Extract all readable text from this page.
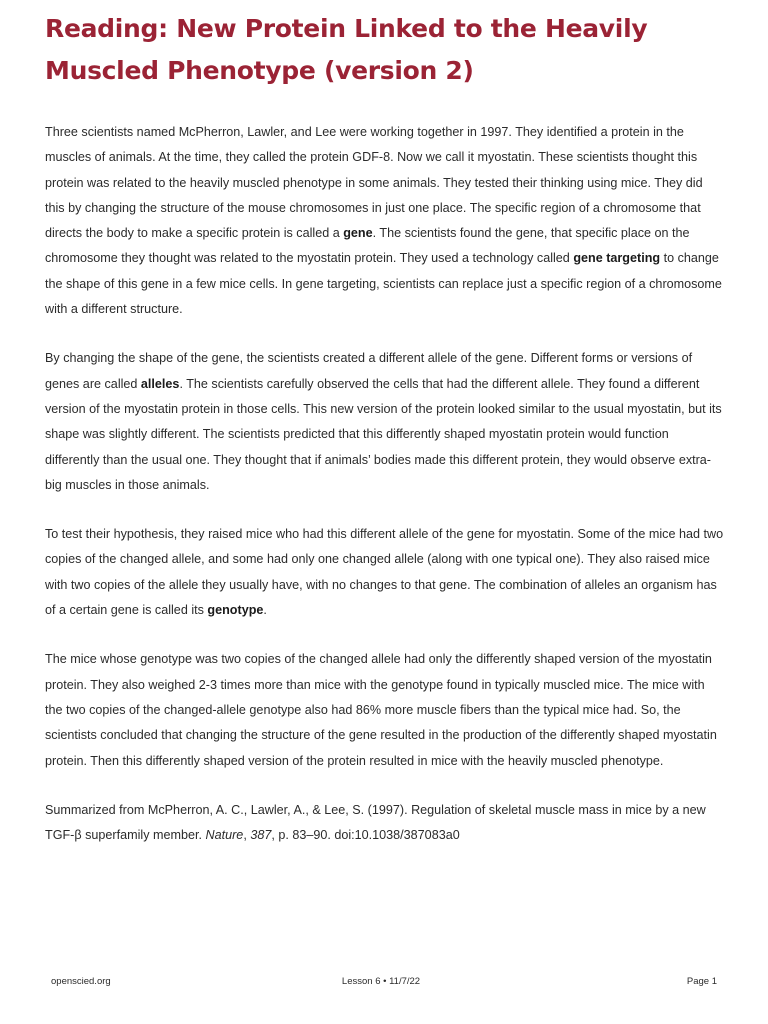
Reading: New Protein Linked to the Heavily Muscled Phenotype (version 2)

Three scientists named McPherron, Lawler, and Lee were working together in 1997. They identified a protein in the muscles of animals. At the time, they called the protein GDF-8. Now we call it myostatin. These scientists thought this protein was related to the heavily muscled phenotype in some animals. They tested their thinking using mice. They did this by changing the structure of the mouse chromosomes in just one place. The specific region of a chromosome that directs the body to make a specific protein is called a gene. The scientists found the gene, that specific place on the chromosome they thought was related to the myostatin protein. They used a technology called gene targeting to change the shape of this gene in a few mice cells. In gene targeting, scientists can replace just a specific region of a chromosome with a different structure.

By changing the shape of the gene, the scientists created a different allele of the gene. Different forms or versions of genes are called alleles. The scientists carefully observed the cells that had the different allele. They found a different version of the myostatin protein in those cells. This new version of the protein looked similar to the usual myostatin, but its shape was slightly different. The scientists predicted that this differently shaped myostatin protein would function differently than the usual one. They thought that if animals’ bodies made this different protein, they would observe extra-big muscles in those animals.

To test their hypothesis, they raised mice who had this different allele of the gene for myostatin. Some of the mice had two copies of the changed allele, and some had only one changed allele (along with one typical one). They also raised mice with two copies of the allele they usually have, with no changes to that gene. The combination of alleles an organism has of a certain gene is called its genotype.

The mice whose genotype was two copies of the changed allele had only the differently shaped version of the myostatin protein. They also weighed 2-3 times more than mice with the genotype found in typically muscled mice. The mice with the two copies of the changed-allele genotype also had 86% more muscle fibers than the typical mice had. So, the scientists concluded that changing the structure of the gene resulted in the production of the differently shaped myostatin protein. Then this differently shaped version of the protein resulted in mice with the heavily muscled phenotype.

Summarized from McPherron, A. C., Lawler, A., & Lee, S. (1997). Regulation of skeletal muscle mass in mice by a new TGF-β superfamily member. Nature, 387, p. 83–90. doi:10.1038/387083a0

openscied.org	Lesson 6 • 11/7/22	Page 1
